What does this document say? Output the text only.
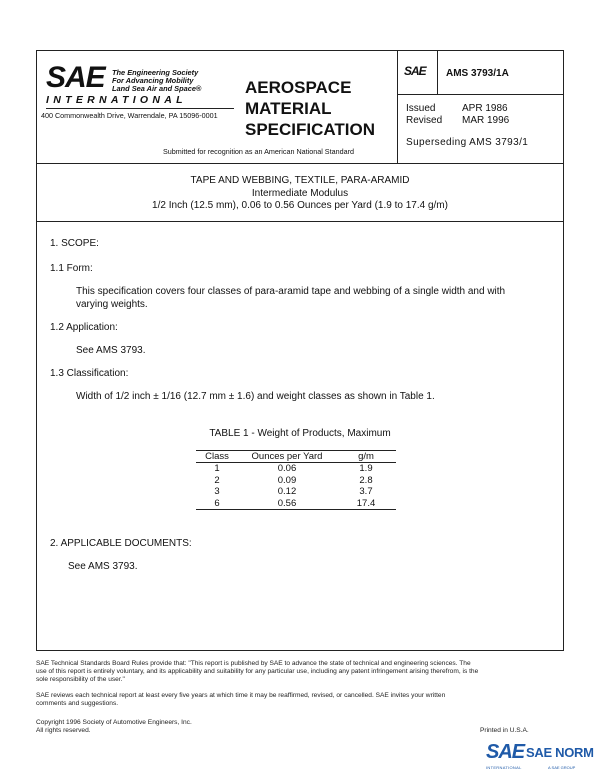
SAE The Engineering Society
For Advancing Mobility
Land Sea Air and Space®
INTERNATIONAL
400 Commonwealth Drive, Warrendale, PA 15096-0001
AEROSPACE
MATERIAL
SPECIFICATION
Submitted for recognition as an American National Standard
SAE AMS 3793/1A
Issued	APR 1986
Revised MAR 1996
Superseding AMS 3793/1
TAPE AND WEBBING, TEXTILE, PARA-ARAMID
Intermediate Modulus
1/2 Inch (12.5 mm), 0.06 to 0.56 Ounces per Yard (1.9 to 17.4 g/m)
1. SCOPE:
1.1 Form:
This specification covers four classes of para-aramid tape and webbing of a single width and with
varying weights.
1.2 Application:
See AMS 3793.
1.3 Classification:
Width of 1/2 inch ± 1/16 (12.7 mm ± 1.6) and weight classes as shown in Table 1.
TABLE 1 - Weight of Products, Maximum
Class	Ounces per Yard	g/m
1	0.06	1.9
2	0.09	2.8
3	0.12	3.7
6	0.56	17.4
2. APPLICABLE DOCUMENTS:
See AMS 3793.
SAE Technical Standards Board Rules provide that: "This report is published by SAE to advance the state of technical and engineering sciences. The
use of this report is entirely voluntary, and its applicability and suitability for any particular use, including any patent infringement arising therefrom, is the
sole responsibility of the user."
SAE reviews each technical report at least every five years at which time it may be reaffirmed, revised, or cancelled. SAE invites your written
comments and suggestions.
Copyright 1996 Society of Automotive Engineers, Inc.
All rights reserved.	Printed in U.S.A.
SAE SAE NORM
INTERNATIONAL	A SAE GROUP
